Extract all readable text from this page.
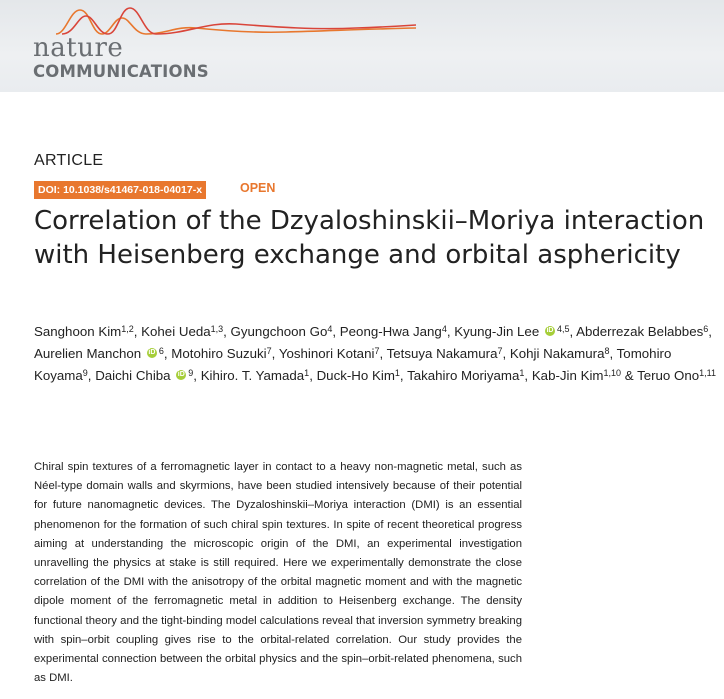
nature
COMMUNICATIONS
ARTICLE
DOI: 10.1038/s41467-018-04017-x	OPEN
Correlation of the Dzyaloshinskii–Moriya interaction with Heisenberg exchange and orbital asphericity
Sanghoon Kim$^{1,2}$, Kohei Ueda$^{1,3}$, Gyungchoon Go$^4$, Peong-Hwa Jang$^4$, Kyung-Jin Lee iD $^{4,5}$, Abderrezak Belabbes$^6$, Aurelien Manchon iD $^6$, Motohiro Suzuki$^7$, Yoshinori Kotani$^7$, Tetsuya Nakamura$^7$, Kohji Nakamura$^8$, Tomohiro Koyama$^9$, Daichi Chiba iD $^9$, Kihiro. T. Yamada$^1$, Duck-Ho Kim$^1$, Takahiro Moriyama$^1$, Kab-Jin Kim$^{1,10}$ & Teruo Ono$^{1,11}$

Chiral spin textures of a ferromagnetic layer in contact to a heavy non-magnetic metal, such as Néel-type domain walls and skyrmions, have been studied intensively because of their potential for future nanomagnetic devices. The Dyzaloshinskii–Moriya interaction (DMI) is an essential phenomenon for the formation of such chiral spin textures. In spite of recent theoretical progress aiming at understanding the microscopic origin of the DMI, an experimental investigation unravelling the physics at stake is still required. Here we experimentally demonstrate the close correlation of the DMI with the anisotropy of the orbital magnetic moment and with the magnetic dipole moment of the ferromagnetic metal in addition to Heisenberg exchange. The density functional theory and the tight-binding model calculations reveal that inversion symmetry breaking with spin–orbit coupling gives rise to the orbital-related correlation. Our study provides the experimental connection between the orbital physics and the spin–orbit-related phenomena, such as DMI.
